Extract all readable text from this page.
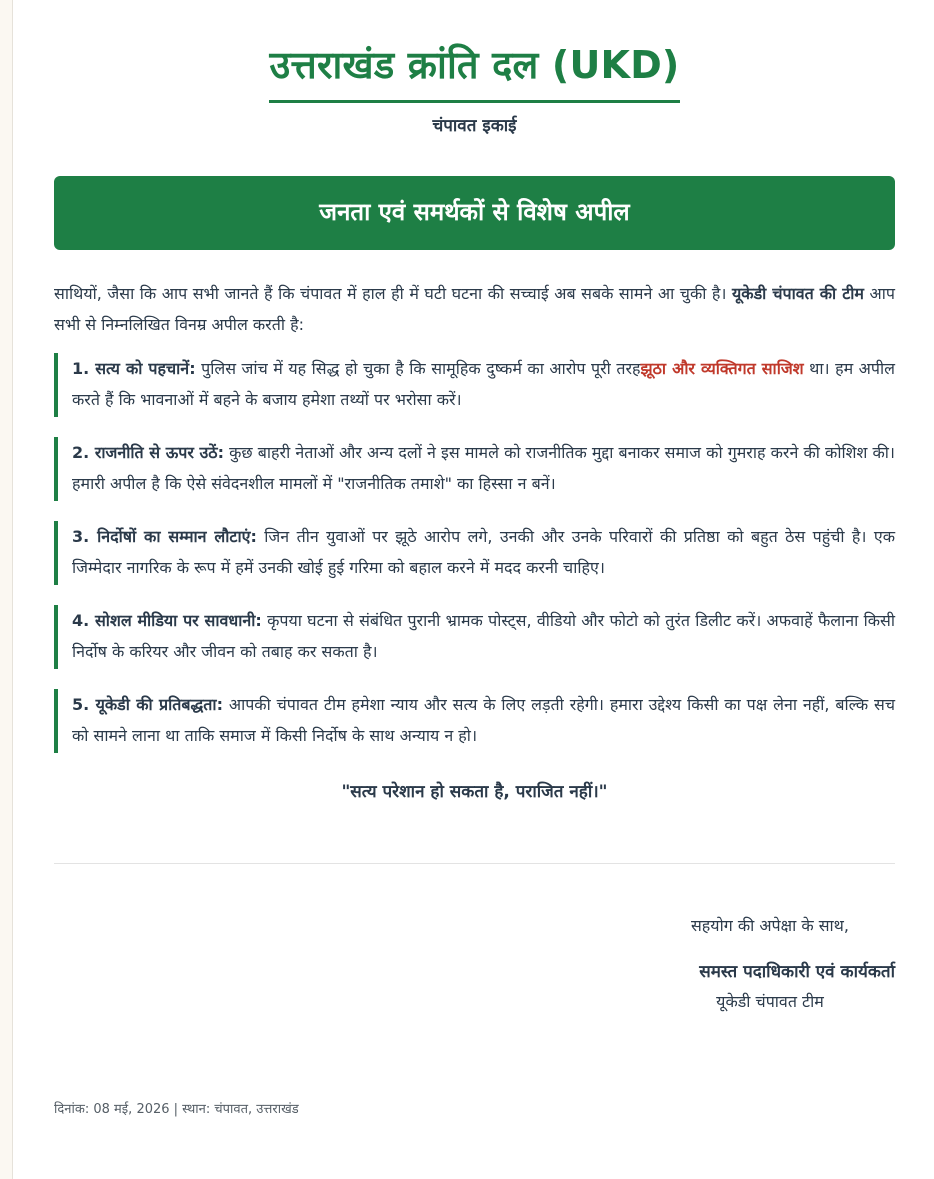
उत्तराखंड क्रांति दल (UKD)
चंपावत इकाई
जनता एवं समर्थकों से विशेष अपील
साथियों, जैसा कि आप सभी जानते हैं कि चंपावत में हाल ही में घटी घटना की सच्चाई अब सबके सामने आ चुकी है। यूकेडी चंपावत की टीम आप सभी से निम्नलिखित विनम्र अपील करती है:
1. सत्य को पहचानें: पुलिस जांच में यह सिद्ध हो चुका है कि सामूहिक दुष्कर्म का आरोप पूरी तरहझूठा और व्यक्तिगत साजिश था। हम अपील करते हैं कि भावनाओं में बहने के बजाय हमेशा तथ्यों पर भरोसा करें।
2. राजनीति से ऊपर उठें: कुछ बाहरी नेताओं और अन्य दलों ने इस मामले को राजनीतिक मुद्दा बनाकर समाज को गुमराह करने की कोशिश की। हमारी अपील है कि ऐसे संवेदनशील मामलों में "राजनीतिक तमाशे" का हिस्सा न बनें।
3. निर्दोषों का सम्मान लौटाएं: जिन तीन युवाओं पर झूठे आरोप लगे, उनकी और उनके परिवारों की प्रतिष्ठा को बहुत ठेस पहुंची है। एक जिम्मेदार नागरिक के रूप में हमें उनकी खोई हुई गरिमा को बहाल करने में मदद करनी चाहिए।
4. सोशल मीडिया पर सावधानी: कृपया घटना से संबंधित पुरानी भ्रामक पोस्ट्स, वीडियो और फोटो को तुरंत डिलीट करें। अफवाहें फैलाना किसी निर्दोष के करियर और जीवन को तबाह कर सकता है।
5. यूकेडी की प्रतिबद्धता: आपकी चंपावत टीम हमेशा न्याय और सत्य के लिए लड़ती रहेगी। हमारा उद्देश्य किसी का पक्ष लेना नहीं, बल्कि सच को सामने लाना था ताकि समाज में किसी निर्दोष के साथ अन्याय न हो।
"सत्य परेशान हो सकता है, पराजित नहीं।"
सहयोग की अपेक्षा के साथ,
समस्त पदाधिकारी एवं कार्यकर्ता
यूकेडी चंपावत टीम
दिनांक: 08 मई, 2026 | स्थान: चंपावत, उत्तराखंड
